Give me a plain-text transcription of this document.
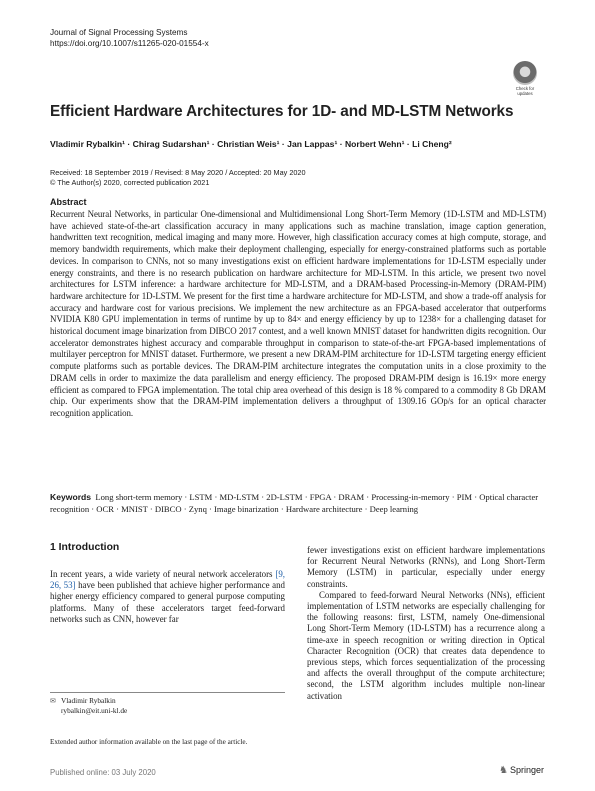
Journal of Signal Processing Systems
https://doi.org/10.1007/s11265-020-01554-x
Check for
updates
Efficient Hardware Architectures for 1D- and MD-LSTM Networks
Vladimir Rybalkin¹ · Chirag Sudarshan¹ · Christian Weis¹ · Jan Lappas¹ · Norbert Wehn¹ · Li Cheng²
Received: 18 September 2019 / Revised: 8 May 2020 / Accepted: 20 May 2020
© The Author(s) 2020, corrected publication 2021
Abstract
Recurrent Neural Networks, in particular One-dimensional and Multidimensional Long Short-Term Memory (1D-LSTM and MD-LSTM) have achieved state-of-the-art classification accuracy in many applications such as machine translation, image caption generation, handwritten text recognition, medical imaging and many more. However, high classification accuracy comes at high compute, storage, and memory bandwidth requirements, which make their deployment challenging, especially for energy-constrained platforms such as portable devices. In comparison to CNNs, not so many investigations exist on efficient hardware implementations for 1D-LSTM especially under energy constraints, and there is no research publication on hardware architecture for MD-LSTM. In this article, we present two novel architectures for LSTM inference: a hardware architecture for MD-LSTM, and a DRAM-based Processing-in-Memory (DRAM-PIM) hardware architecture for 1D-LSTM. We present for the first time a hardware architecture for MD-LSTM, and show a trade-off analysis for accuracy and hardware cost for various precisions. We implement the new architecture as an FPGA-based accelerator that outperforms NVIDIA K80 GPU implementation in terms of runtime by up to 84× and energy efficiency by up to 1238× for a challenging dataset for historical document image binarization from DIBCO 2017 contest, and a well known MNIST dataset for handwritten digits recognition. Our accelerator demonstrates highest accuracy and comparable throughput in comparison to state-of-the-art FPGA-based implementations of multilayer perceptron for MNIST dataset. Furthermore, we present a new DRAM-PIM architecture for 1D-LSTM targeting energy efficient compute platforms such as portable devices. The DRAM-PIM architecture integrates the computation units in a close proximity to the DRAM cells in order to maximize the data parallelism and energy efficiency. The proposed DRAM-PIM design is 16.19× more energy efficient as compared to FPGA implementation. The total chip area overhead of this design is 18 % compared to a commodity 8 Gb DRAM chip. Our experiments show that the DRAM-PIM implementation delivers a throughput of 1309.16 GOp/s for an optical character recognition application.
Keywords Long short-term memory · LSTM · MD-LSTM · 2D-LSTM · FPGA · DRAM · Processing-in-memory · PIM · Optical character recognition · OCR · MNIST · DIBCO · Zynq · Image binarization · Hardware architecture · Deep learning
1 Introduction

In recent years, a wide variety of neural network accelerators [9, 26, 53] have been published that achieve higher performance and higher energy efficiency compared to general purpose computing platforms. Many of these accelerators target feed-forward networks such as CNN, however far

fewer investigations exist on efficient hardware implementations for Recurrent Neural Networks (RNNs), and Long Short-Term Memory (LSTM) in particular, especially under energy constraints.

Compared to feed-forward Neural Networks (NNs), efficient implementation of LSTM networks are especially challenging for the following reasons: first, LSTM, namely One-dimensional Long Short-Term Memory (1D-LSTM) has a recurrence along a time-axe in speech recognition or writing direction in Optical Character Recognition (OCR) that creates data dependence to previous steps, which forces sequentialization of the processing and affects the overall throughput of the compute architecture; second, the LSTM algorithm includes multiple non-linear activation

✉ Vladimir Rybalkin
rybalkin@eit.uni-kl.de
Extended author information available on the last page of the article.
Published online: 03 July 2020	♞ Springer
